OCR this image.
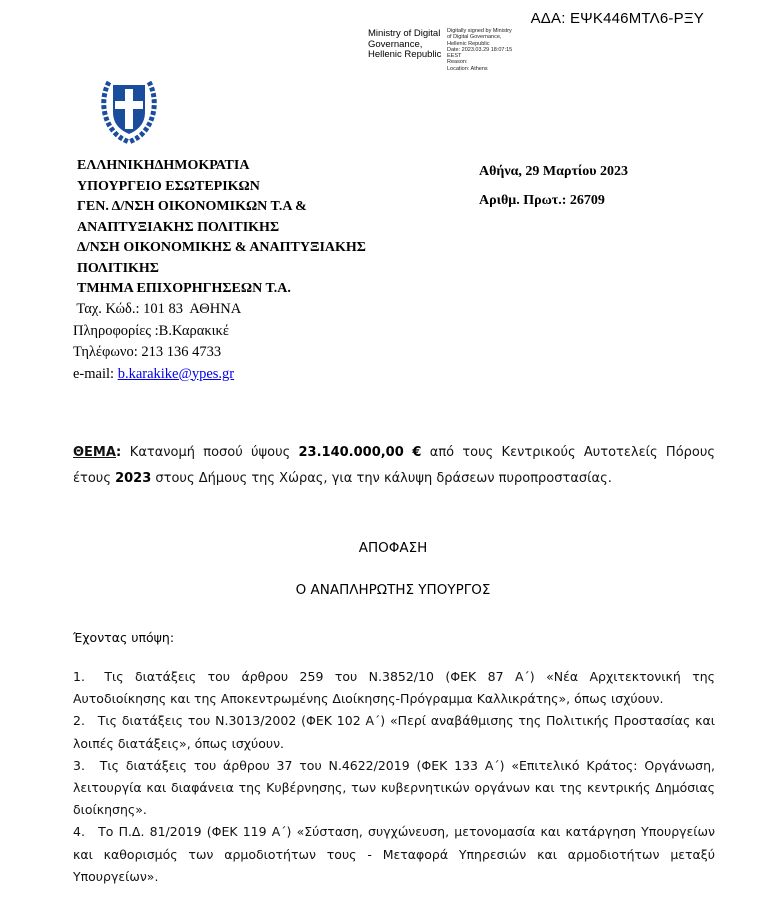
ΑΔΑ: ΕΨΚ446ΜΤΛ6-ΡΞΥ
Ministry of Digital
Governance,
Hellenic Republic
Digitally signed by Ministry
of Digital Governance,
Hellenic Republic
Date: 2023.03.29 18:07:15
EEST
Reason:
Location: Athens
ΕΛΛΗΝΙΚΗΔΗΜΟΚΡΑΤΙΑ
ΥΠΟΥΡΓΕΙΟ ΕΣΩΤΕΡΙΚΩΝ
ΓΕΝ. Δ/ΝΣΗ ΟΙΚΟΝΟΜΙΚΩΝ Τ.Α &
ΑΝΑΠΤΥΞΙΑΚΗΣ ΠΟΛΙΤΙΚΗΣ
Δ/ΝΣΗ ΟΙΚΟΝΟΜΙΚΗΣ & ΑΝΑΠΤΥΞΙΑΚΗΣ
ΠΟΛΙΤΙΚΗΣ
ΤΜΗΜΑ ΕΠΙΧΟΡΗΓΗΣΕΩΝ Τ.Α.
Αθήνα, 29 Μαρτίου 2023
Αριθμ. Πρωτ.: 26709
Ταχ. Κώδ.: 101 83  ΑΘΗΝΑ
Πληροφορίες :Β.Καρακικέ
Τηλέφωνο: 213 136 4733
e-mail: b.karakike@ypes.gr
ΘΕΜΑ: Κατανομή ποσού ύψους 23.140.000,00 € από τους Κεντρικούς Αυτοτελείς Πόρους έτους 2023 στους Δήμους της Χώρας, για την κάλυψη δράσεων πυροπροστασίας.
ΑΠΟΦΑΣΗ
Ο ΑΝΑΠΛΗΡΩΤΗΣ ΥΠΟΥΡΓΟΣ
Έχοντας υπόψη:

1. Τις διατάξεις του άρθρου 259 του Ν.3852/10 (ΦΕΚ 87 Α΄) «Νέα Αρχιτεκτονική της Αυτοδιοίκησης και της Αποκεντρωμένης Διοίκησης-Πρόγραμμα Καλλικράτης», όπως ισχύουν.

2. Τις διατάξεις του Ν.3013/2002 (ΦΕΚ 102 Α΄) «Περί αναβάθμισης της Πολιτικής Προστασίας και λοιπές διατάξεις», όπως ισχύουν.

3. Τις διατάξεις του άρθρου 37 του Ν.4622/2019 (ΦΕΚ 133 Α΄) «Επιτελικό Κράτος: Οργάνωση, λειτουργία και διαφάνεια της Κυβέρνησης, των κυβερνητικών οργάνων και της κεντρικής Δημόσιας διοίκησης».

4. Το Π.Δ. 81/2019 (ΦΕΚ 119 Α΄) «Σύσταση, συγχώνευση, μετονομασία και κατάργηση Υπουργείων και καθορισμός των αρμοδιοτήτων τους - Μεταφορά Υπηρεσιών και αρμοδιοτήτων μεταξύ Υπουργείων».
